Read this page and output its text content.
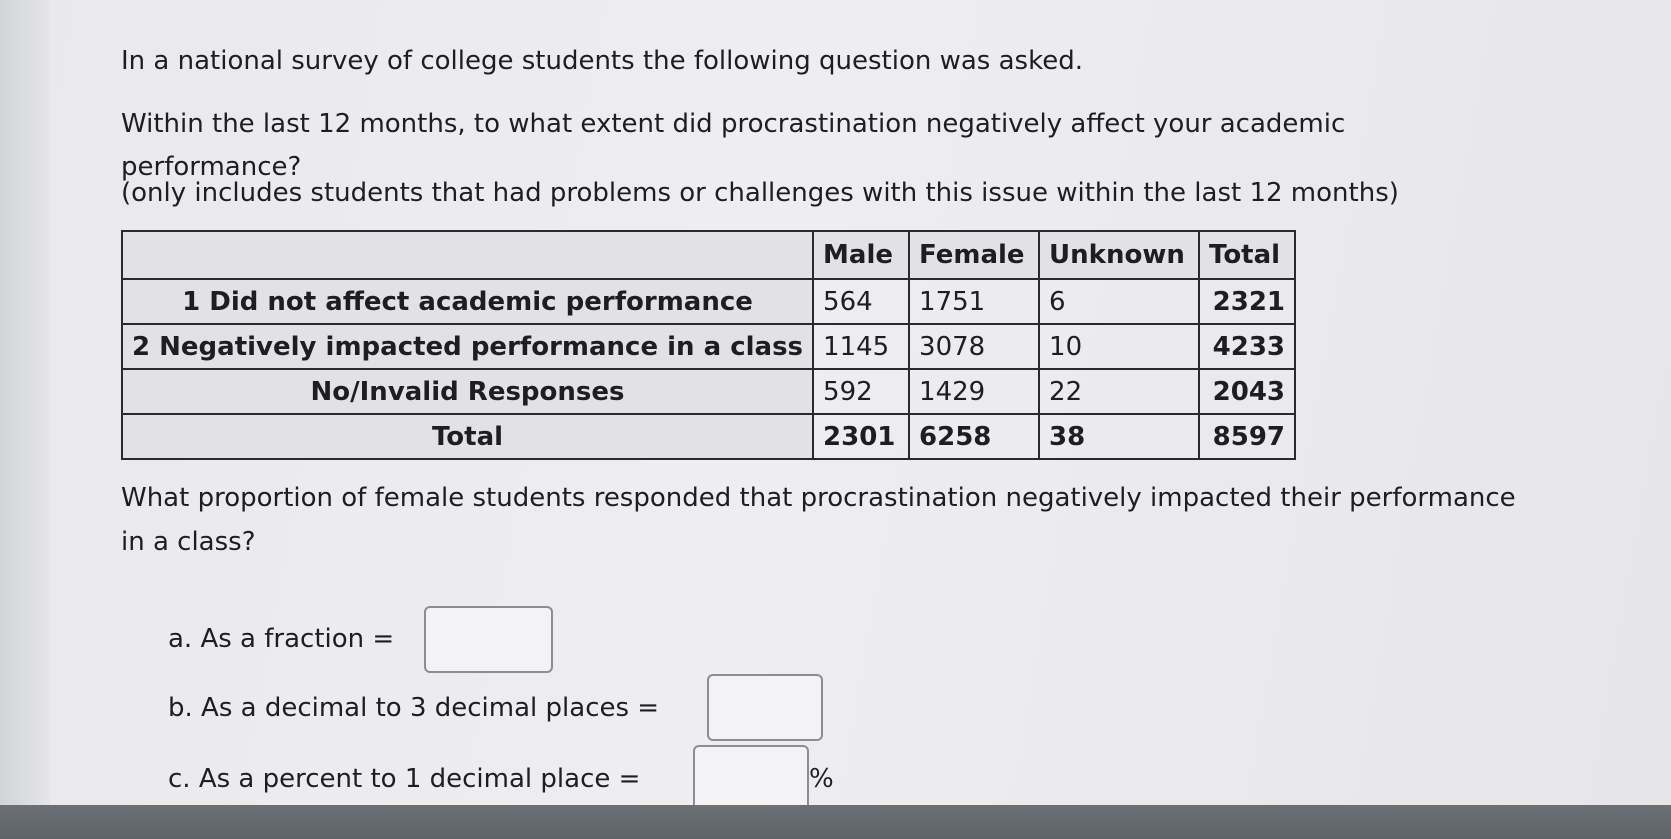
In a national survey of college students the following question was asked.
Within the last 12 months, to what extent did procrastination negatively affect your academic
performance?
(only includes students that had problems or challenges with this issue within the last 12 months)
	Male	Female	Unknown	Total
1 Did not affect academic performance	564	1751	6	2321
2 Negatively impacted performance in a class	1145	3078	10	4233
No/Invalid Responses	592	1429	22	2043
Total	2301	6258	38	8597
What proportion of female students responded that procrastination negatively impacted their performance
in a class?
a. As a fraction =
b. As a decimal to 3 decimal places =
c. As a percent to 1 decimal place =	%
